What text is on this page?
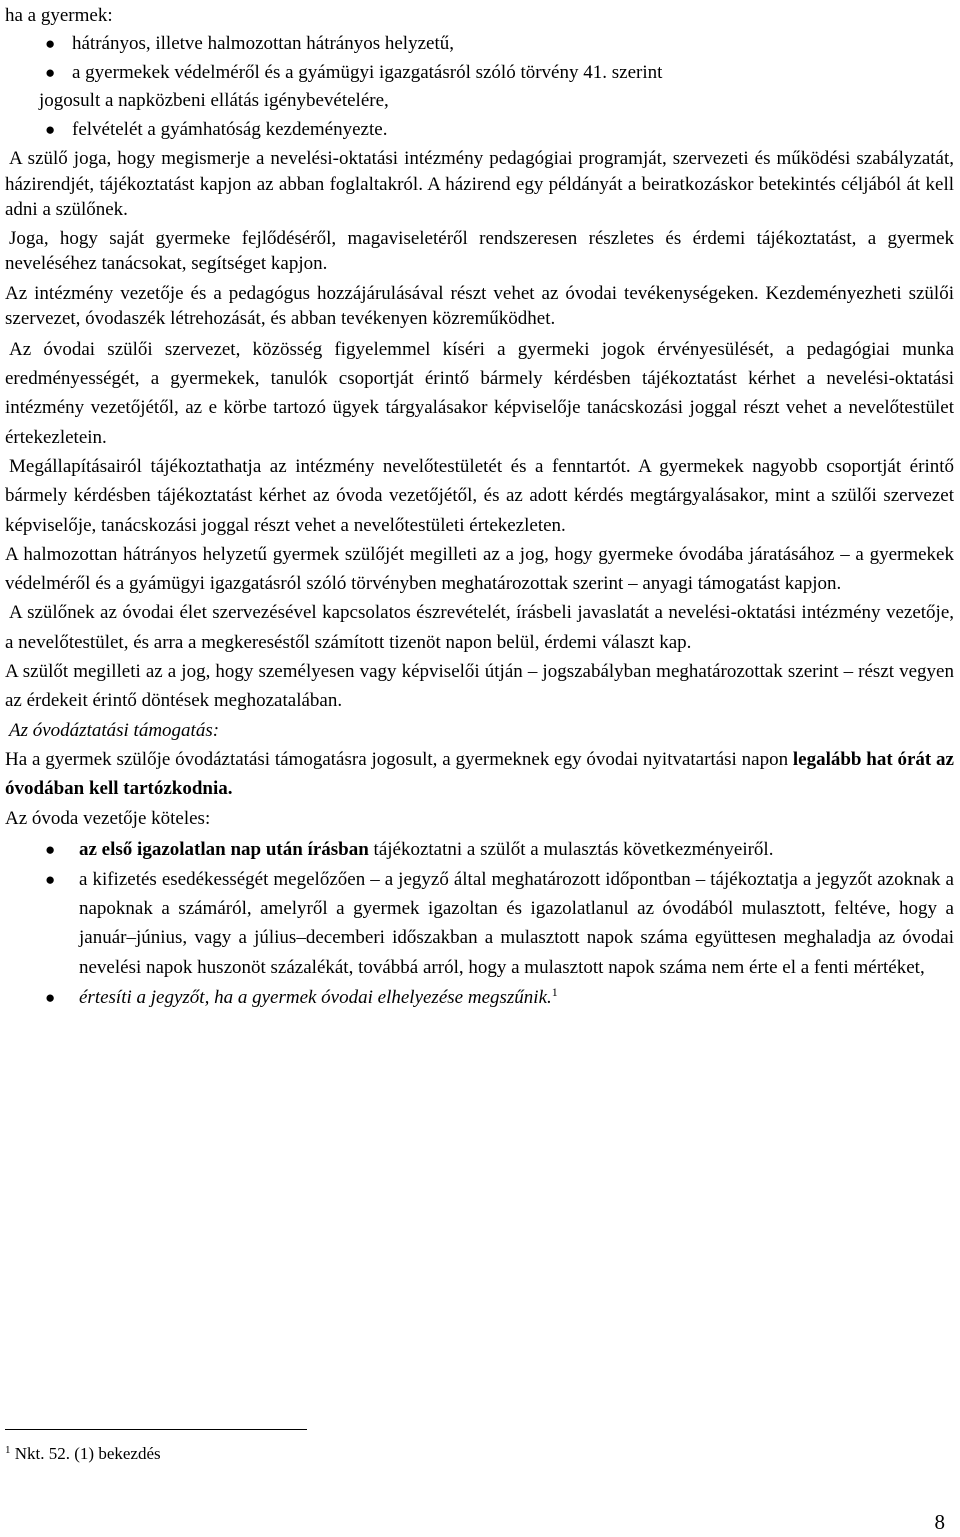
ha a gyermek:

● hátrányos, illetve halmozottan hátrányos helyzetű,
● a gyermekek védelméről és a gyámügyi igazgatásról szóló törvény 41. szerint
jogosult a napközbeni ellátás igénybevételére,
● felvételét a gyámhatóság kezdeményezte.

A szülő joga, hogy megismerje a nevelési-oktatási intézmény pedagógiai programját, szervezeti és működési szabályzatát, házirendjét, tájékoztatást kapjon az abban foglaltakról. A házirend egy példányát a beiratkozáskor betekintés céljából át kell adni a szülőnek.

Joga, hogy saját gyermeke fejlődéséről, magaviseletéről rendszeresen részletes és érdemi tájékoztatást, a gyermek neveléséhez tanácsokat, segítséget kapjon.

Az intézmény vezetője és a pedagógus hozzájárulásával részt vehet az óvodai tevékenységeken. Kezdeményezheti szülői szervezet, óvodaszék létrehozását, és abban tevékenyen közreműködhet.

Az óvodai szülői szervezet, közösség figyelemmel kíséri a gyermeki jogok érvényesülését, a pedagógiai munka eredményességét, a gyermekek, tanulók csoportját érintő bármely kérdésben tájékoztatást kérhet a nevelési-oktatási intézmény vezetőjétől, az e körbe tartozó ügyek tárgyalásakor képviselője tanácskozási joggal részt vehet a nevelőtestület értekezletein.

Megállapításairól tájékoztathatja az intézmény nevelőtestületét és a fenntartót. A gyermekek nagyobb csoportját érintő bármely kérdésben tájékoztatást kérhet az óvoda vezetőjétől, és az adott kérdés megtárgyalásakor, mint a szülői szervezet képviselője, tanácskozási joggal részt vehet a nevelőtestületi értekezleten.

A halmozottan hátrányos helyzetű gyermek szülőjét megilleti az a jog, hogy gyermeke óvodába járatásához – a gyermekek védelméről és a gyámügyi igazgatásról szóló törvényben meghatározottak szerint – anyagi támogatást kapjon.

A szülőnek az óvodai élet szervezésével kapcsolatos észrevételét, írásbeli javaslatát a nevelési-oktatási intézmény vezetője, a nevelőtestület, és arra a megkereséstől számított tizenöt napon belül, érdemi választ kap.

A szülőt megilleti az a jog, hogy személyesen vagy képviselői útján – jogszabályban meghatározottak szerint – részt vegyen az érdekeit érintő döntések meghozatalában.

Az óvodáztatási támogatás:

Ha a gyermek szülője óvodáztatási támogatásra jogosult, a gyermeknek egy óvodai nyitvatartási napon legalább hat órát az óvodában kell tartózkodnia.

Az óvoda vezetője köteles:

● az első igazolatlan nap után írásban tájékoztatni a szülőt a mulasztás következményeiről.
● a kifizetés esedékességét megelőzően – a jegyző által meghatározott időpontban – tájékoztatja a jegyzőt azoknak a napoknak a számáról, amelyről a gyermek igazoltan és igazolatlanul az óvodából mulasztott, feltéve, hogy a január–június, vagy a július–decemberi időszakban a mulasztott napok száma együttesen meghaladja az óvodai nevelési napok huszonöt százalékát, továbbá arról, hogy a mulasztott napok száma nem érte el a fenti mértéket,
● értesíti a jegyzőt, ha a gyermek óvodai elhelyezése megszűnik.$^1$
$^1$ Nkt. 52. (1) bekezdés
8
